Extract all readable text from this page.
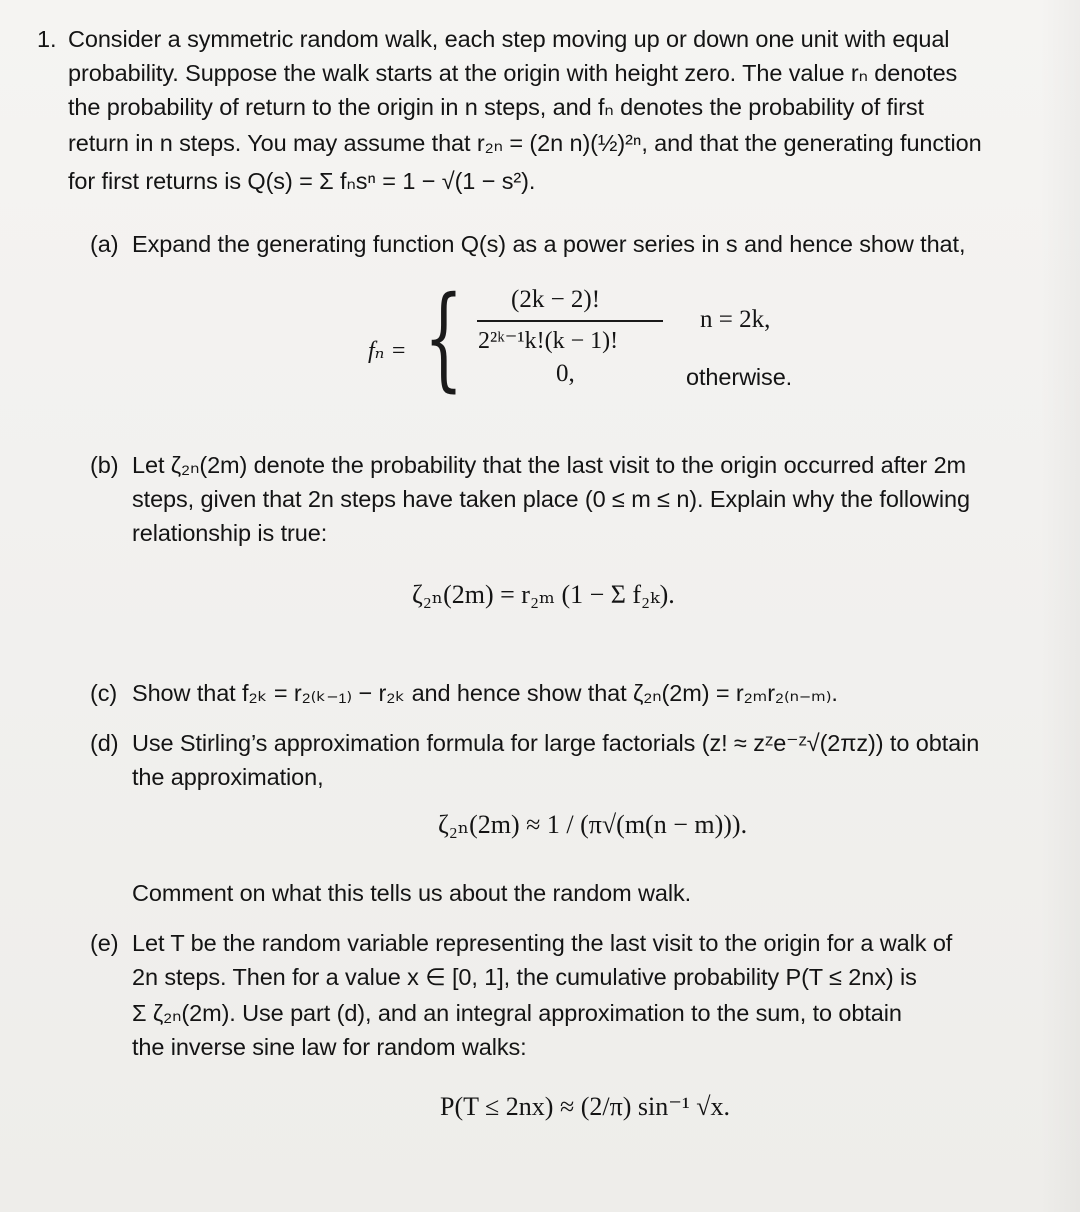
1. Consider a symmetric random walk, each step moving up or down one unit with equal
probability. Suppose the walk starts at the origin with height zero. The value rₙ denotes
the probability of return to the origin in n steps, and fₙ denotes the probability of first
return in n steps. You may assume that r₂ₙ = (2n n)(½)²ⁿ, and that the generating function
for first returns is Q(s) = Σ fₙsⁿ = 1 − √(1 − s²).
(a) Expand the generating function Q(s) as a power series in s and hence show that,
fₙ = { (2k − 2)!
2²ᵏ⁻¹k!(k − 1)!
n = 2k,
0,	otherwise.
(b) Let ζ₂ₙ(2m) denote the probability that the last visit to the origin occurred after 2m
steps, given that 2n steps have taken place (0 ≤ m ≤ n). Explain why the following
relationship is true:
ζ₂ₙ(2m) = r₂ₘ (1 − Σ f₂ₖ).
(c) Show that f₂ₖ = r₂₍ₖ₋₁₎ − r₂ₖ and hence show that ζ₂ₙ(2m) = r₂ₘr₂₍ₙ₋ₘ₎.
(d) Use Stirling’s approximation formula for large factorials (z! ≈ zᶻe⁻ᶻ√(2πz)) to obtain
the approximation,
ζ₂ₙ(2m) ≈ 1 / (π√(m(n − m))).
Comment on what this tells us about the random walk.
(e) Let T be the random variable representing the last visit to the origin for a walk of
2n steps. Then for a value x ∈ [0, 1], the cumulative probability P(T ≤ 2nx) is
Σ ζ₂ₙ(2m). Use part (d), and an integral approximation to the sum, to obtain
the inverse sine law for random walks:
P(T ≤ 2nx) ≈ (2/π) sin⁻¹ √x.
